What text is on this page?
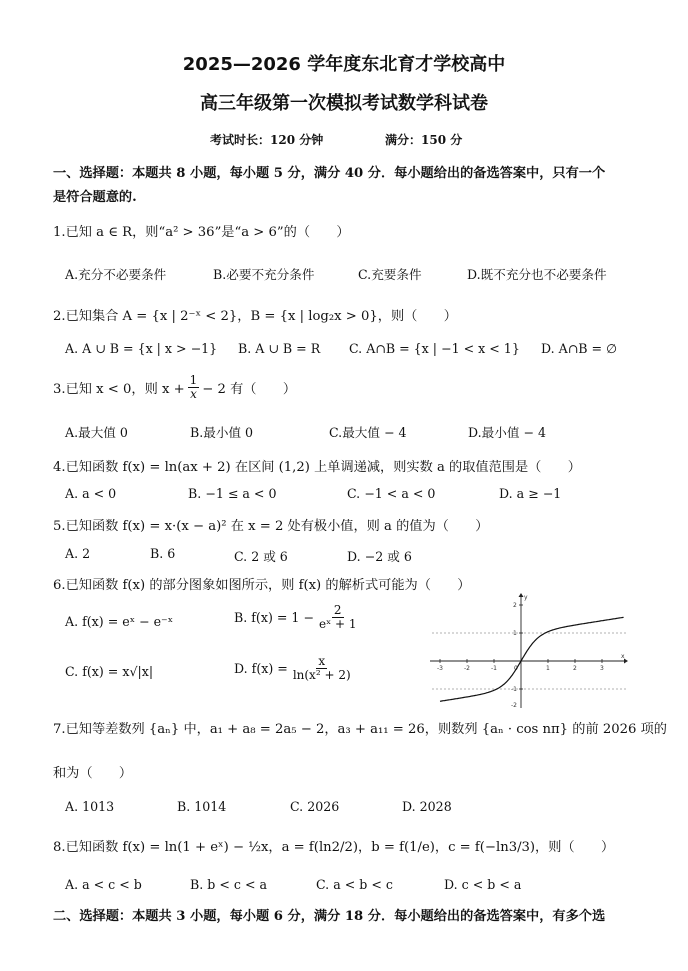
2025—2026 学年度东北育才学校高中
高三年级第一次模拟考试数学科试卷
考试时长：120 分钟	满分：150 分
一、选择题：本题共 8 小题，每小题 5 分，满分 40 分．每小题给出的备选答案中，只有一个
是符合题意的.
1.已知 a ∈ R，则“a² > 36”是“a > 6”的（　　）
A.充分不必要条件	B.必要不充分条件	C.充要条件	D.既不充分也不必要条件
2.已知集合 A = {x | 2⁻ˣ < 2}，B = {x | log₂x > 0}，则（　　）
A. A ∪ B = {x | x > −1} B. A ∪ B = R C. A∩B = {x | −1 < x < 1} D. A∩B = ∅
3.已知 x < 0，则 $x + \frac{1}{x} - 2$ 有（　　）
A.最大值 0	B.最小值 0	C.最大值 − 4	D.最小值 − 4
4.已知函数 f(x) = ln(ax + 2) 在区间 (1,2) 上单调递减，则实数 a 的取值范围是（　　）
A. a < 0	B. −1 ≤ a < 0	C. −1 < a < 0	D. a ≥ −1
5.已知函数 f(x) = x·(x − a)² 在 x = 2 处有极小值，则 a 的值为（　　）
A. 2	B. 6	C. 2 或 6	D. −2 或 6
6.已知函数 f(x) 的部分图象如图所示，则 f(x) 的解析式可能为（　　）
A. f(x) = eˣ − e⁻ˣ	B. $f(x) = 1 - \frac{2}{\text{eˣ + 1}}$
C. f(x) = x√|x|	D. $f(x) = \frac{x}{\text{ln(x² + 2)}}$	-3	-2	-1	0	1	2	3
2
1
-1
-2
x
y
7.已知等差数列 {aₙ} 中，a₁ + a₈ = 2a₅ − 2，a₃ + a₁₁ = 26，则数列 {aₙ · cos nπ} 的前 2026 项的
和为（　　）
A. 1013	B. 1014	C. 2026	D. 2028
8.已知函数 f(x) = ln(1 + eˣ) − ½x，a = f(ln2/2)，b = f(1/e)，c = f(−ln3/3)，则（　　）
A. a < c < b	B. b < c < a	C. a < b < c	D. c < b < a
二、选择题：本题共 3 小题，每小题 6 分，满分 18 分．每小题给出的备选答案中，有多个选
